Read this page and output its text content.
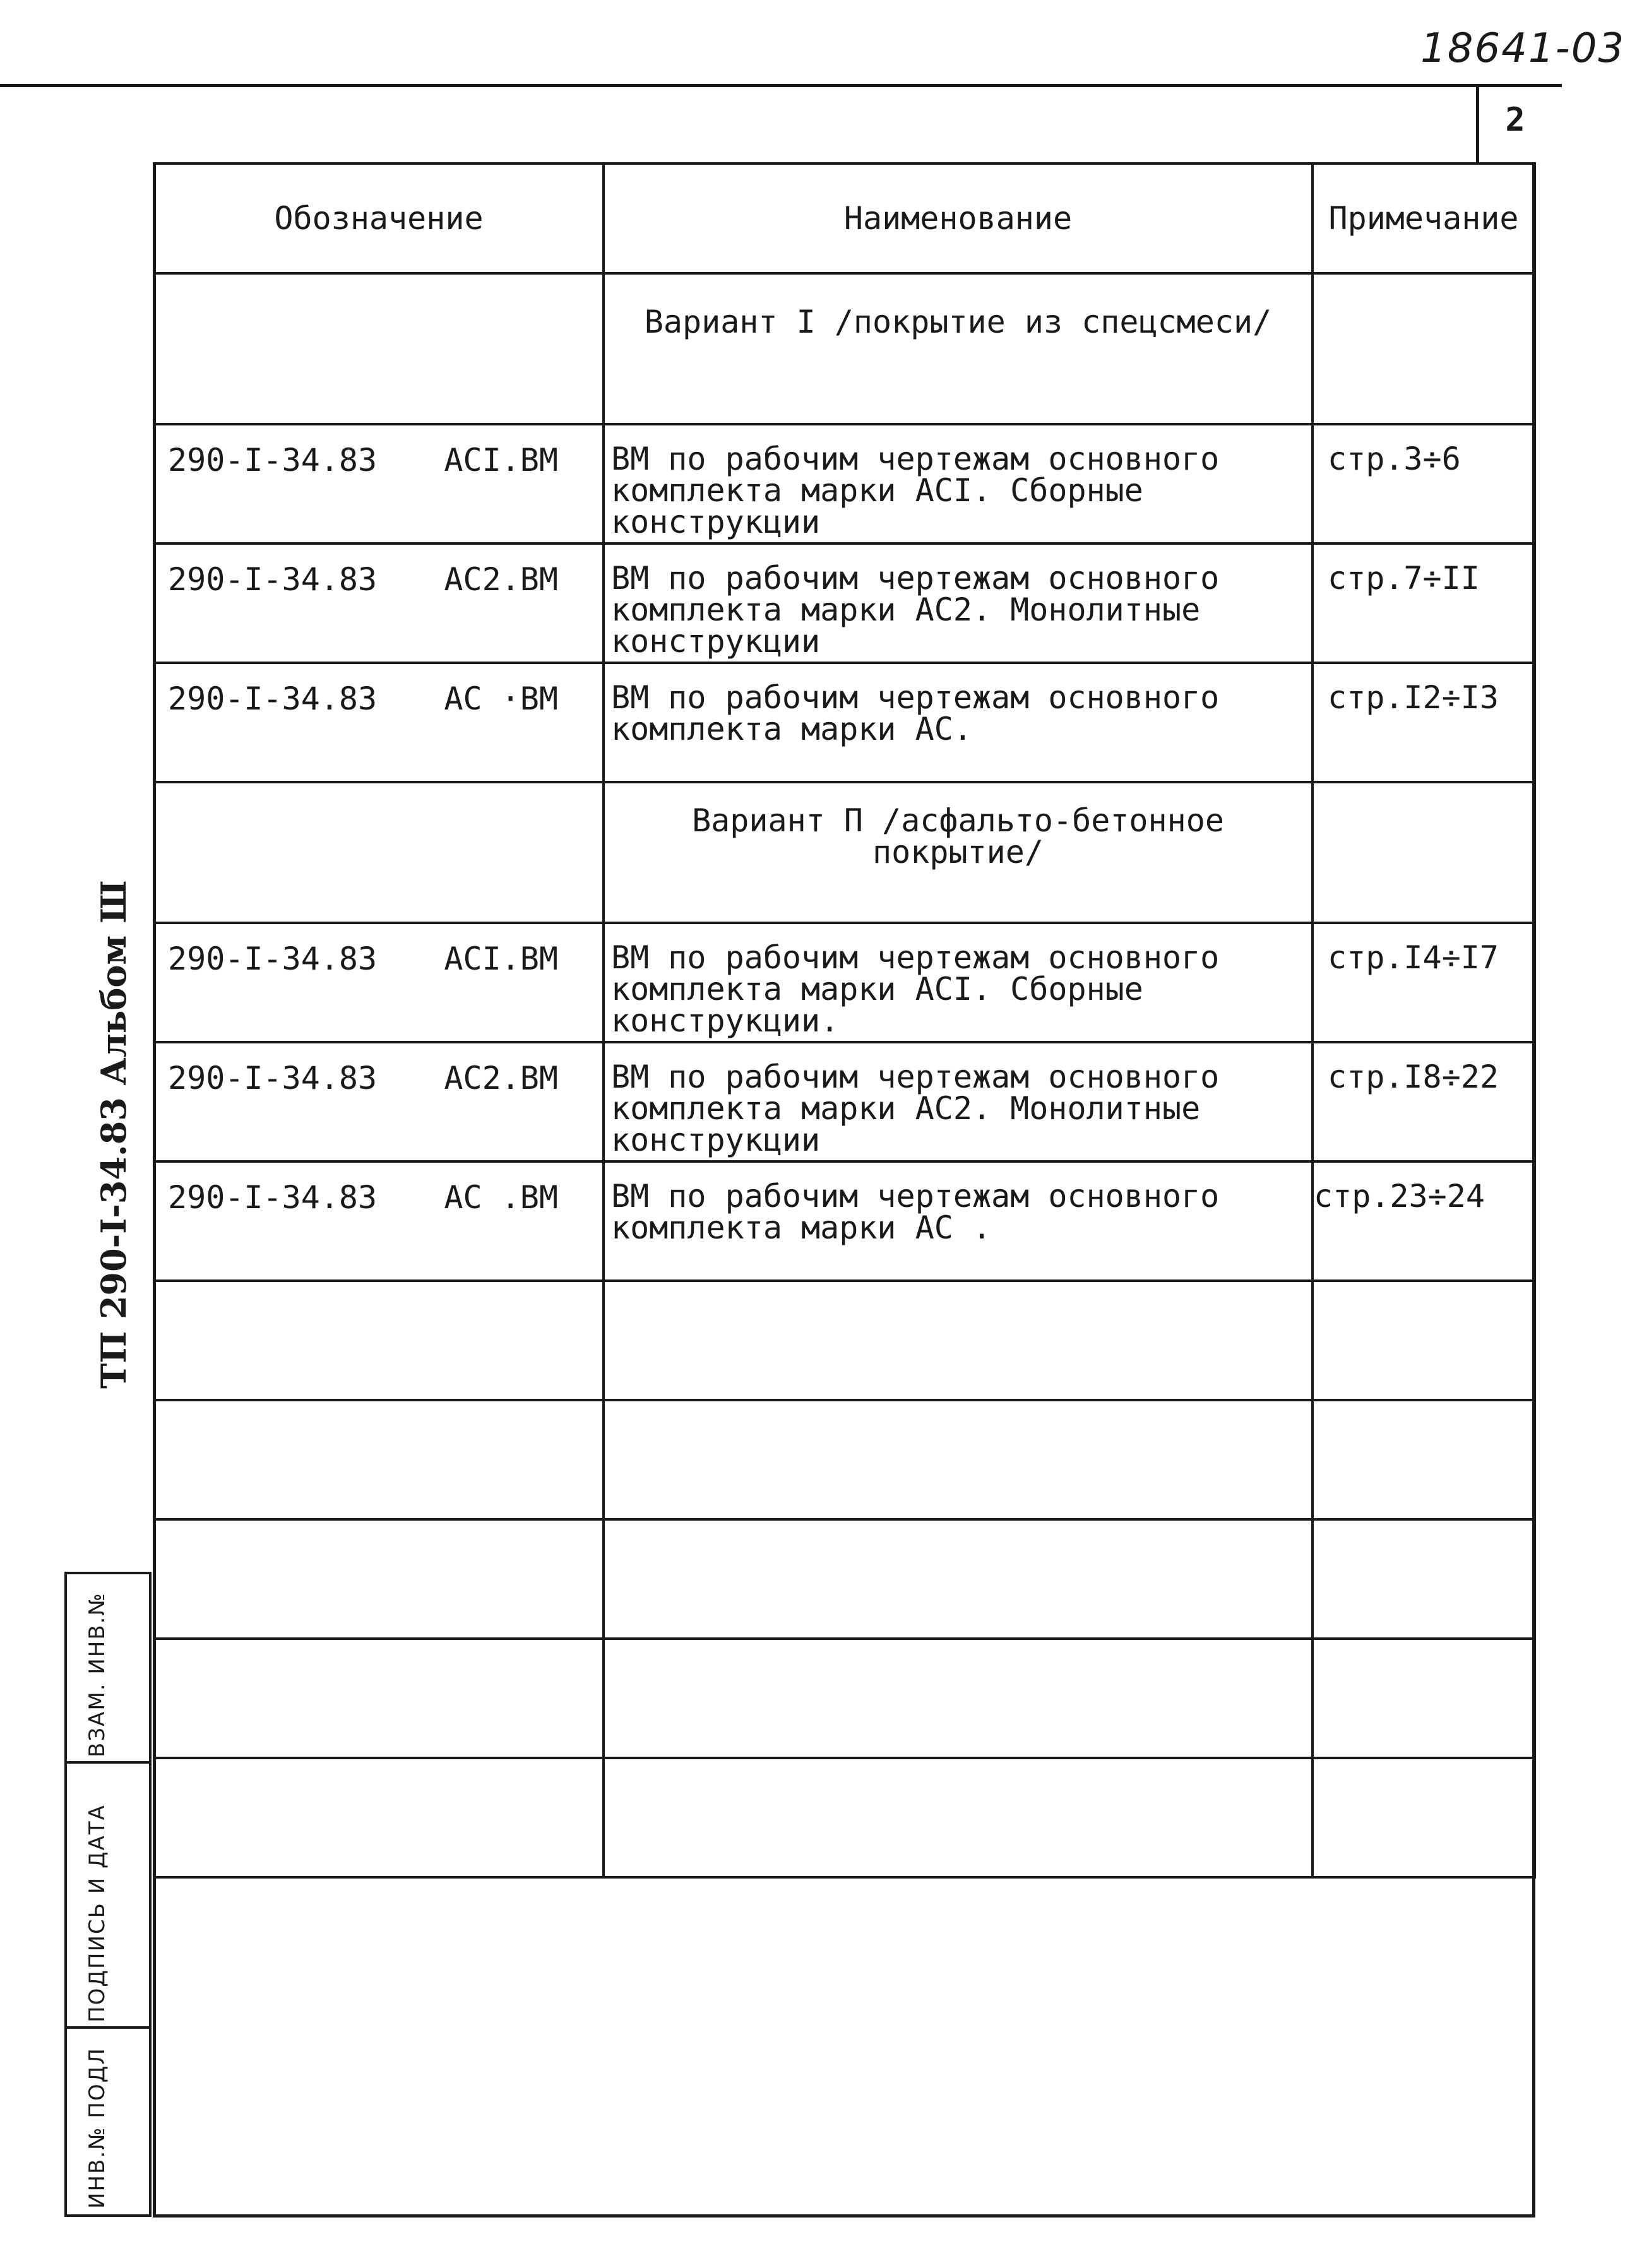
18641-03
2
Обозначение	Наименование	Примечание
	Вариант I /покрытие из спецсмеси/	

290-I-34.83 АСI.ВМ	ВМ по рабочим чертежам основного комплекта марки АСI. Сборные конструкции	стр.3÷6

290-I-34.83 АС2.ВМ	ВМ по рабочим чертежам основного комплекта марки АС2. Монолитные конструкции	стр.7÷II

290-I-34.83 АС ·ВМ	ВМ по рабочим чертежам основного комплекта марки АС.	стр.I2÷I3

	Вариант П /асфальто-бетонное покрытие/	

290-I-34.83 АСI.ВМ	ВМ по рабочим чертежам основного комплекта марки АСI. Сборные конструкции.	стр.I4÷I7

290-I-34.83 АС2.ВМ	ВМ по рабочим чертежам основного комплекта марки АС2. Монолитные конструкции	стр.I8÷22

290-I-34.83 АС .ВМ	ВМ по рабочим чертежам основного комплекта марки АС .	стр.23÷24

ТП 290-I-34.83 Альбом Ш
ИНВ.№ ПОДЛ
ПОДПИСЬ И ДАТА
ВЗАМ. ИНВ.№
